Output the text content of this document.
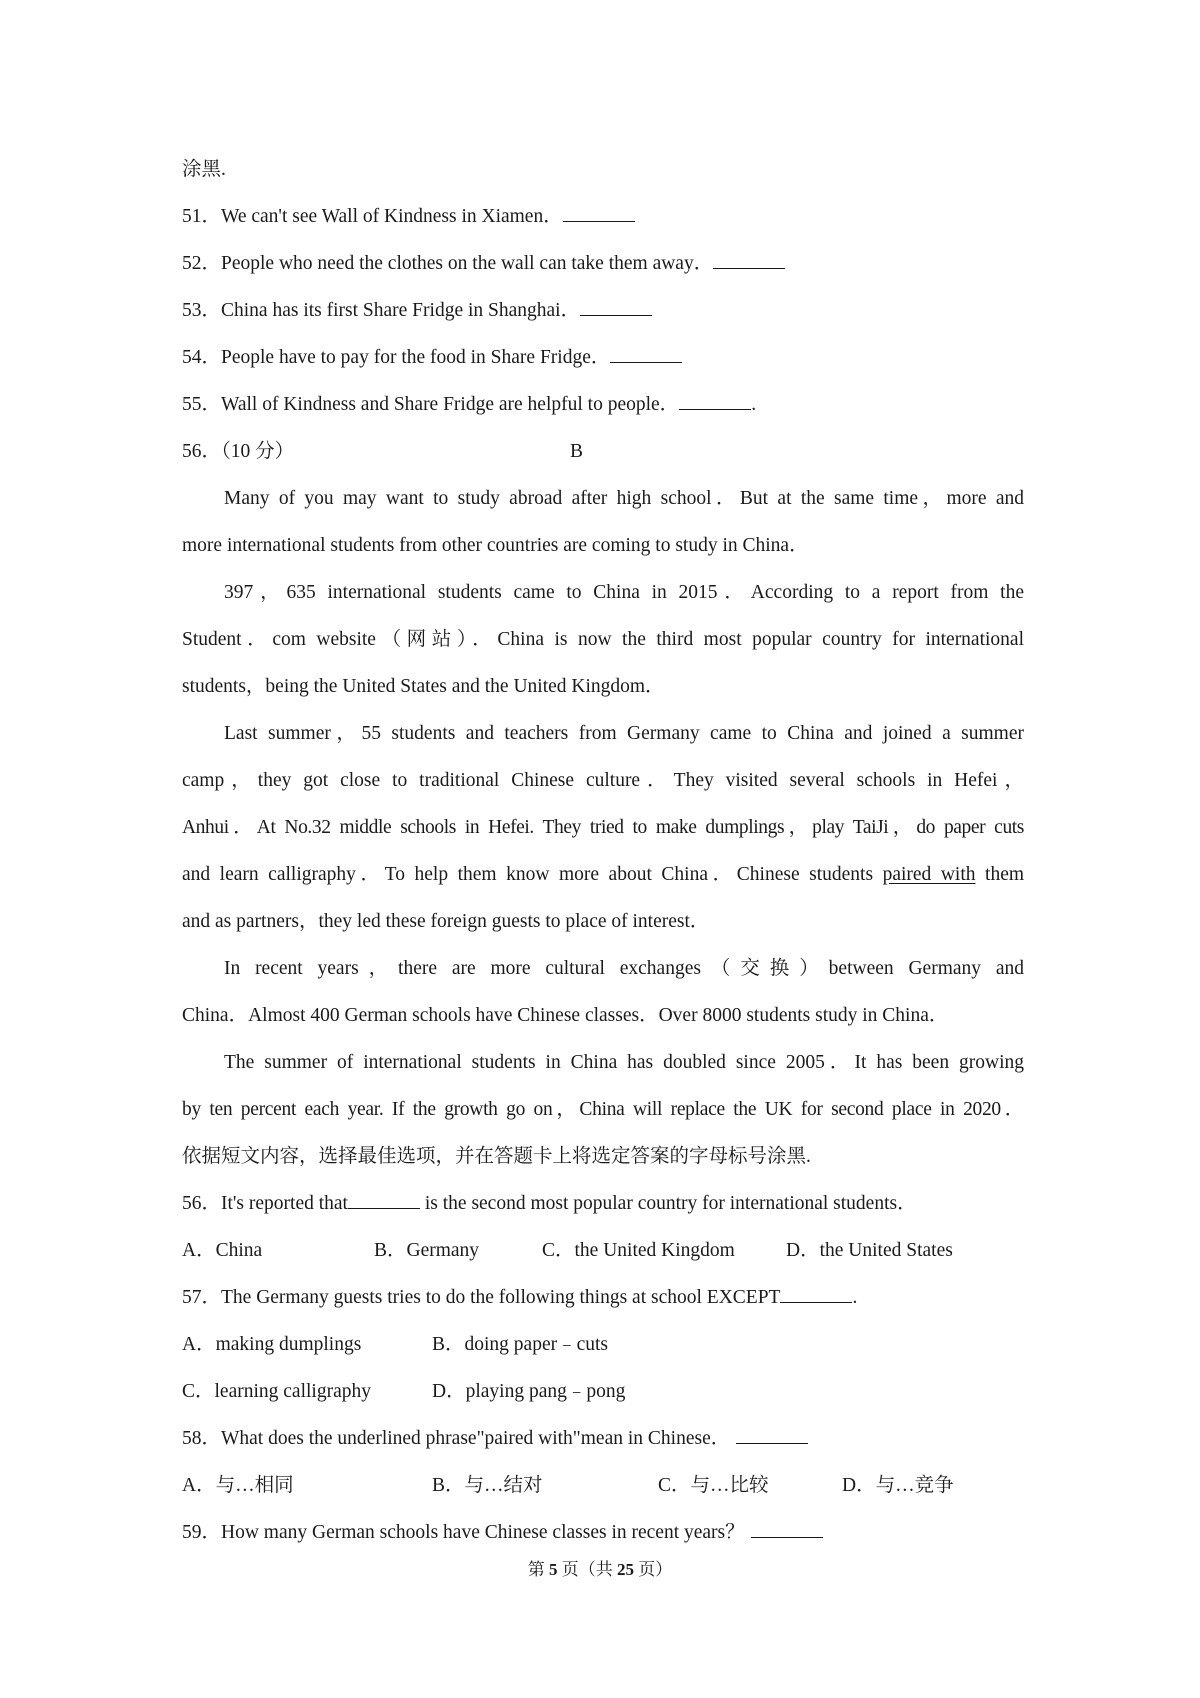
涂黑.
51．We can't see Wall of Kindness in Xiamen．
52．People who need the clothes on the wall can take them away．
53．China has its first Share Fridge in Shanghai．
54．People have to pay for the food in Share Fridge．
55．Wall of Kindness and Share Fridge are helpful to people．	.
56．（10 分）	B
Many of you may want to study abroad after high school．But at the same time，more and
more international students from other countries are coming to study in China．
397，635 international students came to China in 2015．According to a report from the
Student．com website（网站）．China is now the third most popular country for international
students，being the United States and the United Kingdom．
Last summer，55 students and teachers from Germany came to China and joined a summer
camp，they got close to traditional Chinese culture．They visited several schools in Hefei，
Anhui．At No.32 middle schools in Hefei. They tried to make dumplings，play TaiJi，do paper cuts
and learn calligraphy．To help them know more about China．Chinese students paired with them
and as partners，they led these foreign guests to place of interest．
In recent years，there are more cultural exchanges（交换）between Germany and
China．Almost 400 German schools have Chinese classes．Over 8000 students study in China．
The summer of international students in China has doubled since 2005．It has been growing
by ten percent each year. If the growth go on，China will replace the UK for second place in 2020．
依据短文内容，选择最佳选项，并在答题卡上将选定答案的字母标号涂黑.
56．It's reported that	is the second most popular country for international students．
A．China	B．Germany	C．the United Kingdom	D．the United States
57．The Germany guests tries to do the following things at school EXCEPT	.
A．making dumplings	B．doing paper﹣cuts
C．learning calligraphy	D．playing pang﹣pong
58．What does the underlined phrase"paired with"mean in Chinese．
A．与…相同	B．与…结对	C．与…比较	D．与…竞争
59．How many German schools have Chinese classes in recent years？
第 5 页（共 25 页）
